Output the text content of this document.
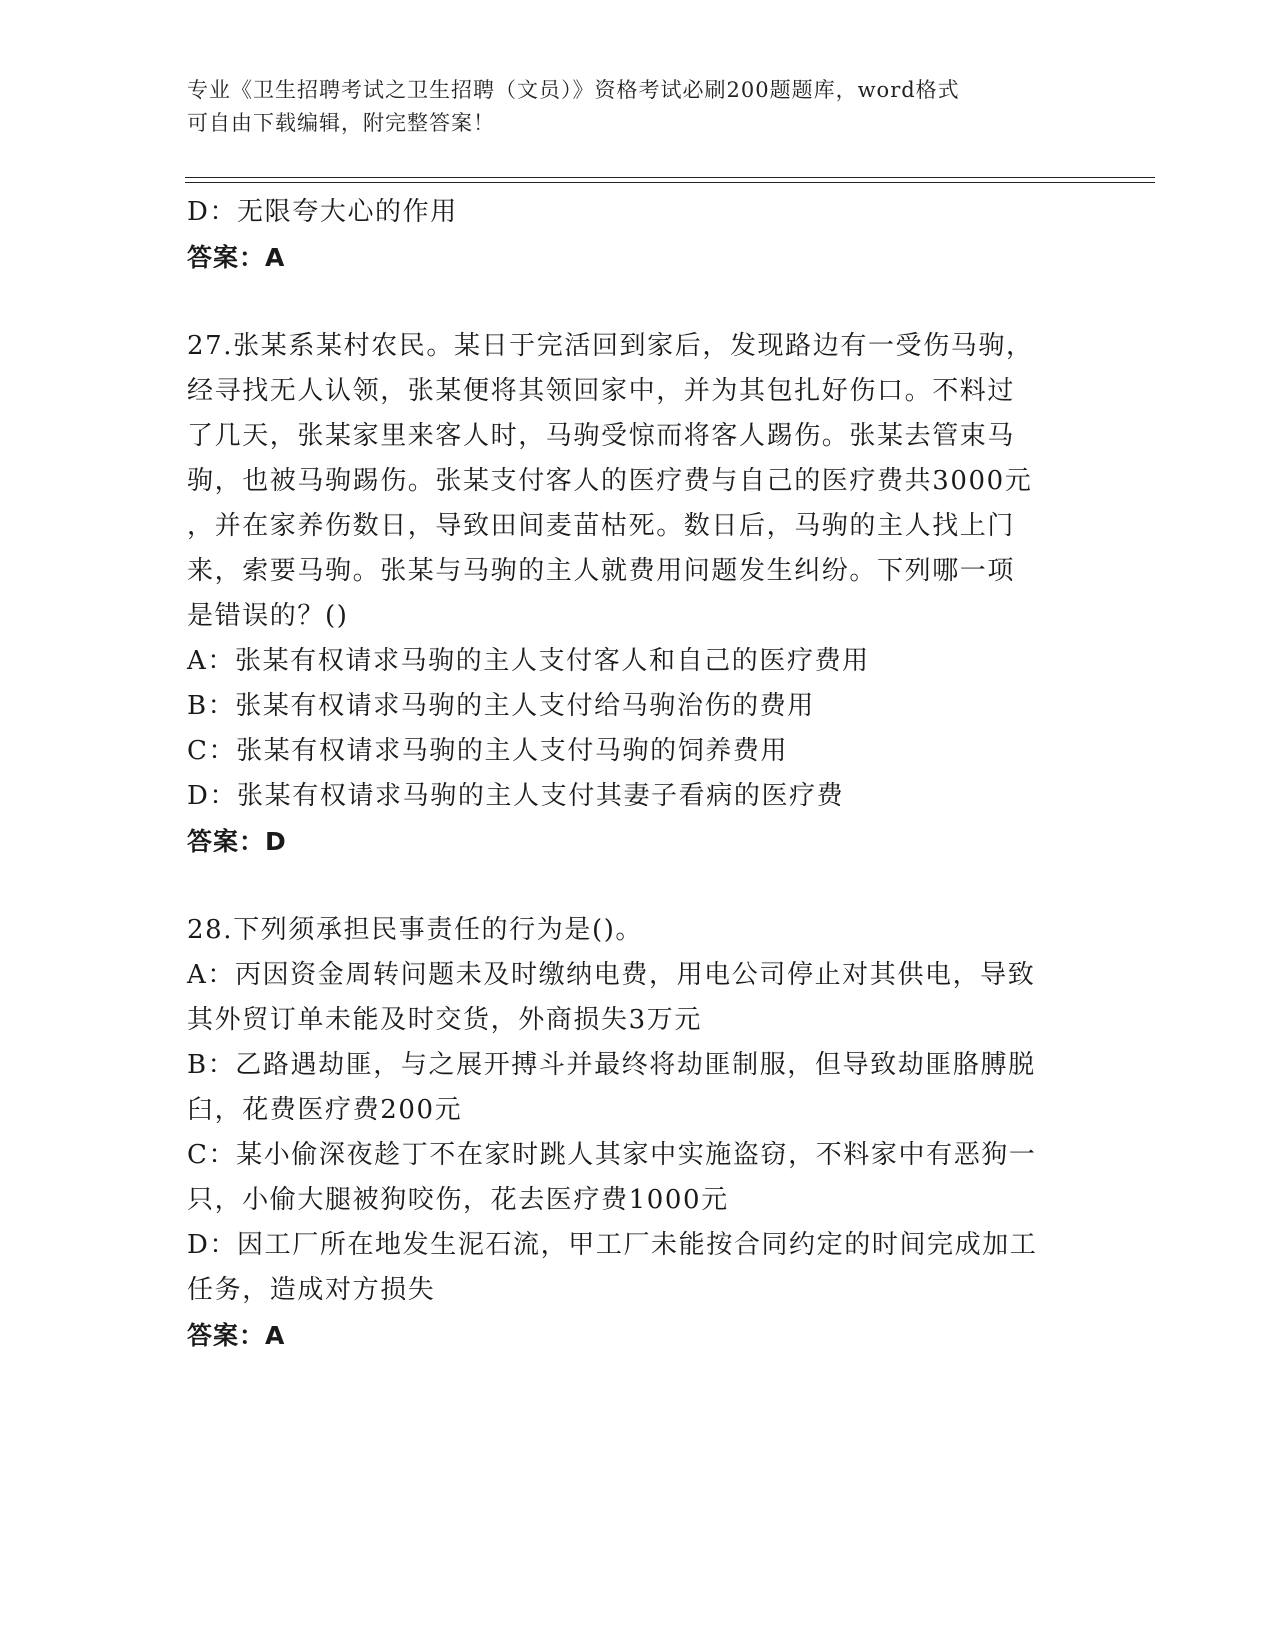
专业《卫生招聘考试之卫生招聘（文员）》资格考试必刷200题题库，word格式
可自由下载编辑，附完整答案！
D：无限夸大心的作用
答案：A
27.张某系某村农民。某日于完活回到家后，发现路边有一受伤马驹，
经寻找无人认领，张某便将其领回家中，并为其包扎好伤口。不料过
了几天，张某家里来客人时，马驹受惊而将客人踢伤。张某去管束马
驹，也被马驹踢伤。张某支付客人的医疗费与自己的医疗费共3000元
，并在家养伤数日，导致田间麦苗枯死。数日后，马驹的主人找上门
来，索要马驹。张某与马驹的主人就费用问题发生纠纷。下列哪一项
是错误的？()
A：张某有权请求马驹的主人支付客人和自己的医疗费用
B：张某有权请求马驹的主人支付给马驹治伤的费用
C：张某有权请求马驹的主人支付马驹的饲养费用
D：张某有权请求马驹的主人支付其妻子看病的医疗费
答案：D
28.下列须承担民事责任的行为是()。
A：丙因资金周转问题未及时缴纳电费，用电公司停止对其供电，导致
其外贸订单未能及时交货，外商损失3万元
B：乙路遇劫匪，与之展开搏斗并最终将劫匪制服，但导致劫匪胳膊脱
臼，花费医疗费200元
C：某小偷深夜趁丁不在家时跳人其家中实施盗窃，不料家中有恶狗一
只，小偷大腿被狗咬伤，花去医疗费1000元
D：因工厂所在地发生泥石流，甲工厂未能按合同约定的时间完成加工
任务，造成对方损失
答案：A
